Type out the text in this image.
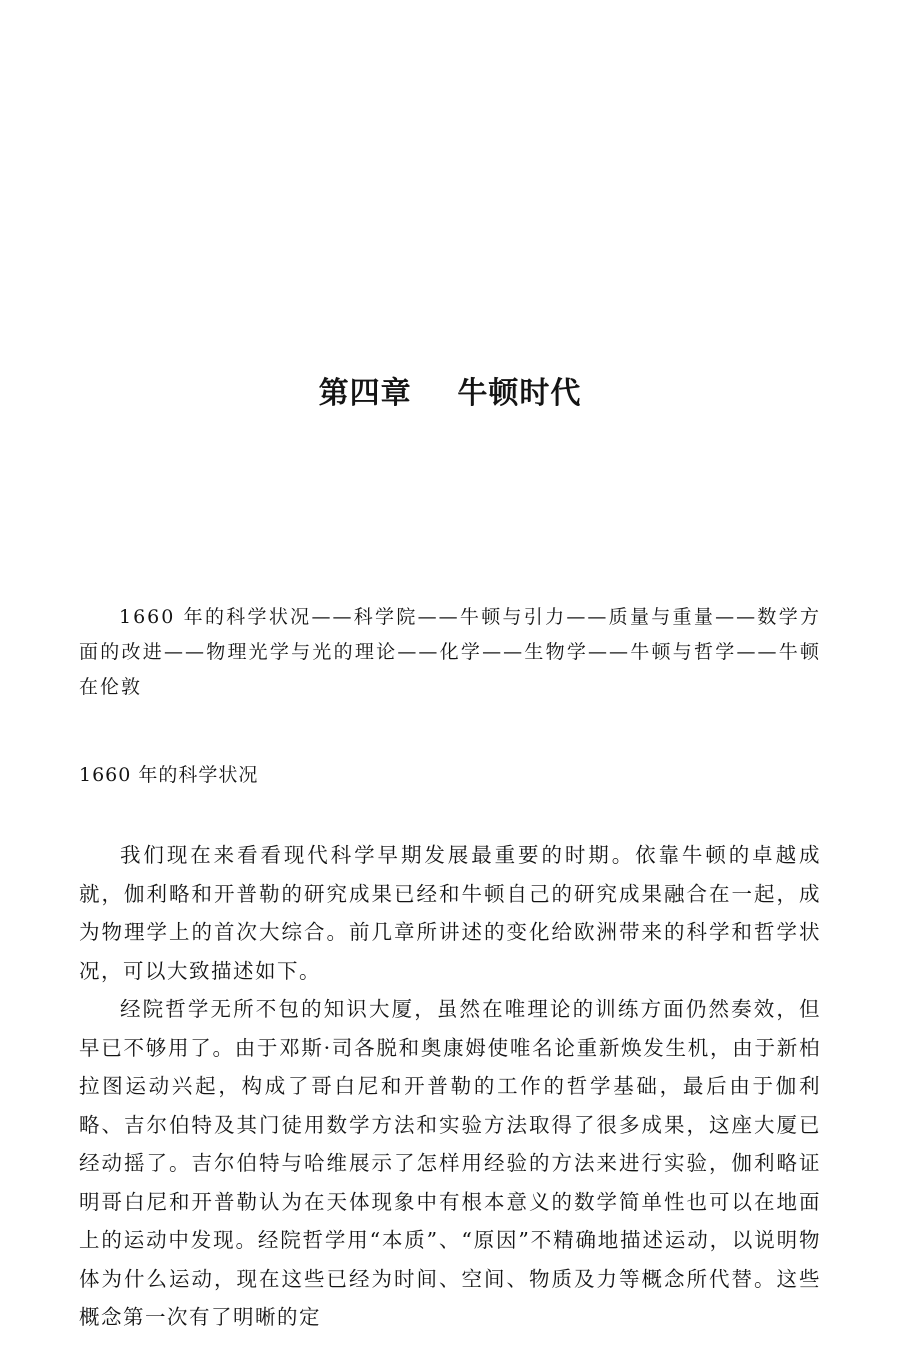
第四章    牛顿时代
1660 年的科学状况——科学院——牛顿与引力——质量与重量——数学方面的改进——物理光学与光的理论——化学——生物学——牛顿与哲学——牛顿在伦敦
1660 年的科学状况

我们现在来看看现代科学早期发展最重要的时期。依靠牛顿的卓越成就，伽利略和开普勒的研究成果已经和牛顿自己的研究成果融合在一起，成为物理学上的首次大综合。前几章所讲述的变化给欧洲带来的科学和哲学状况，可以大致描述如下。

经院哲学无所不包的知识大厦，虽然在唯理论的训练方面仍然奏效，但早已不够用了。由于邓斯·司各脱和奥康姆使唯名论重新焕发生机，由于新柏拉图运动兴起，构成了哥白尼和开普勒的工作的哲学基础，最后由于伽利略、吉尔伯特及其门徒用数学方法和实验方法取得了很多成果，这座大厦已经动摇了。吉尔伯特与哈维展示了怎样用经验的方法来进行实验，伽利略证明哥白尼和开普勒认为在天体现象中有根本意义的数学简单性也可以在地面上的运动中发现。经院哲学用“本质”、“原因”不精确地描述运动，以说明物体为什么运动，现在这些已经为时间、空间、物质及力等概念所代替。这些概念第一次有了明晰的定
